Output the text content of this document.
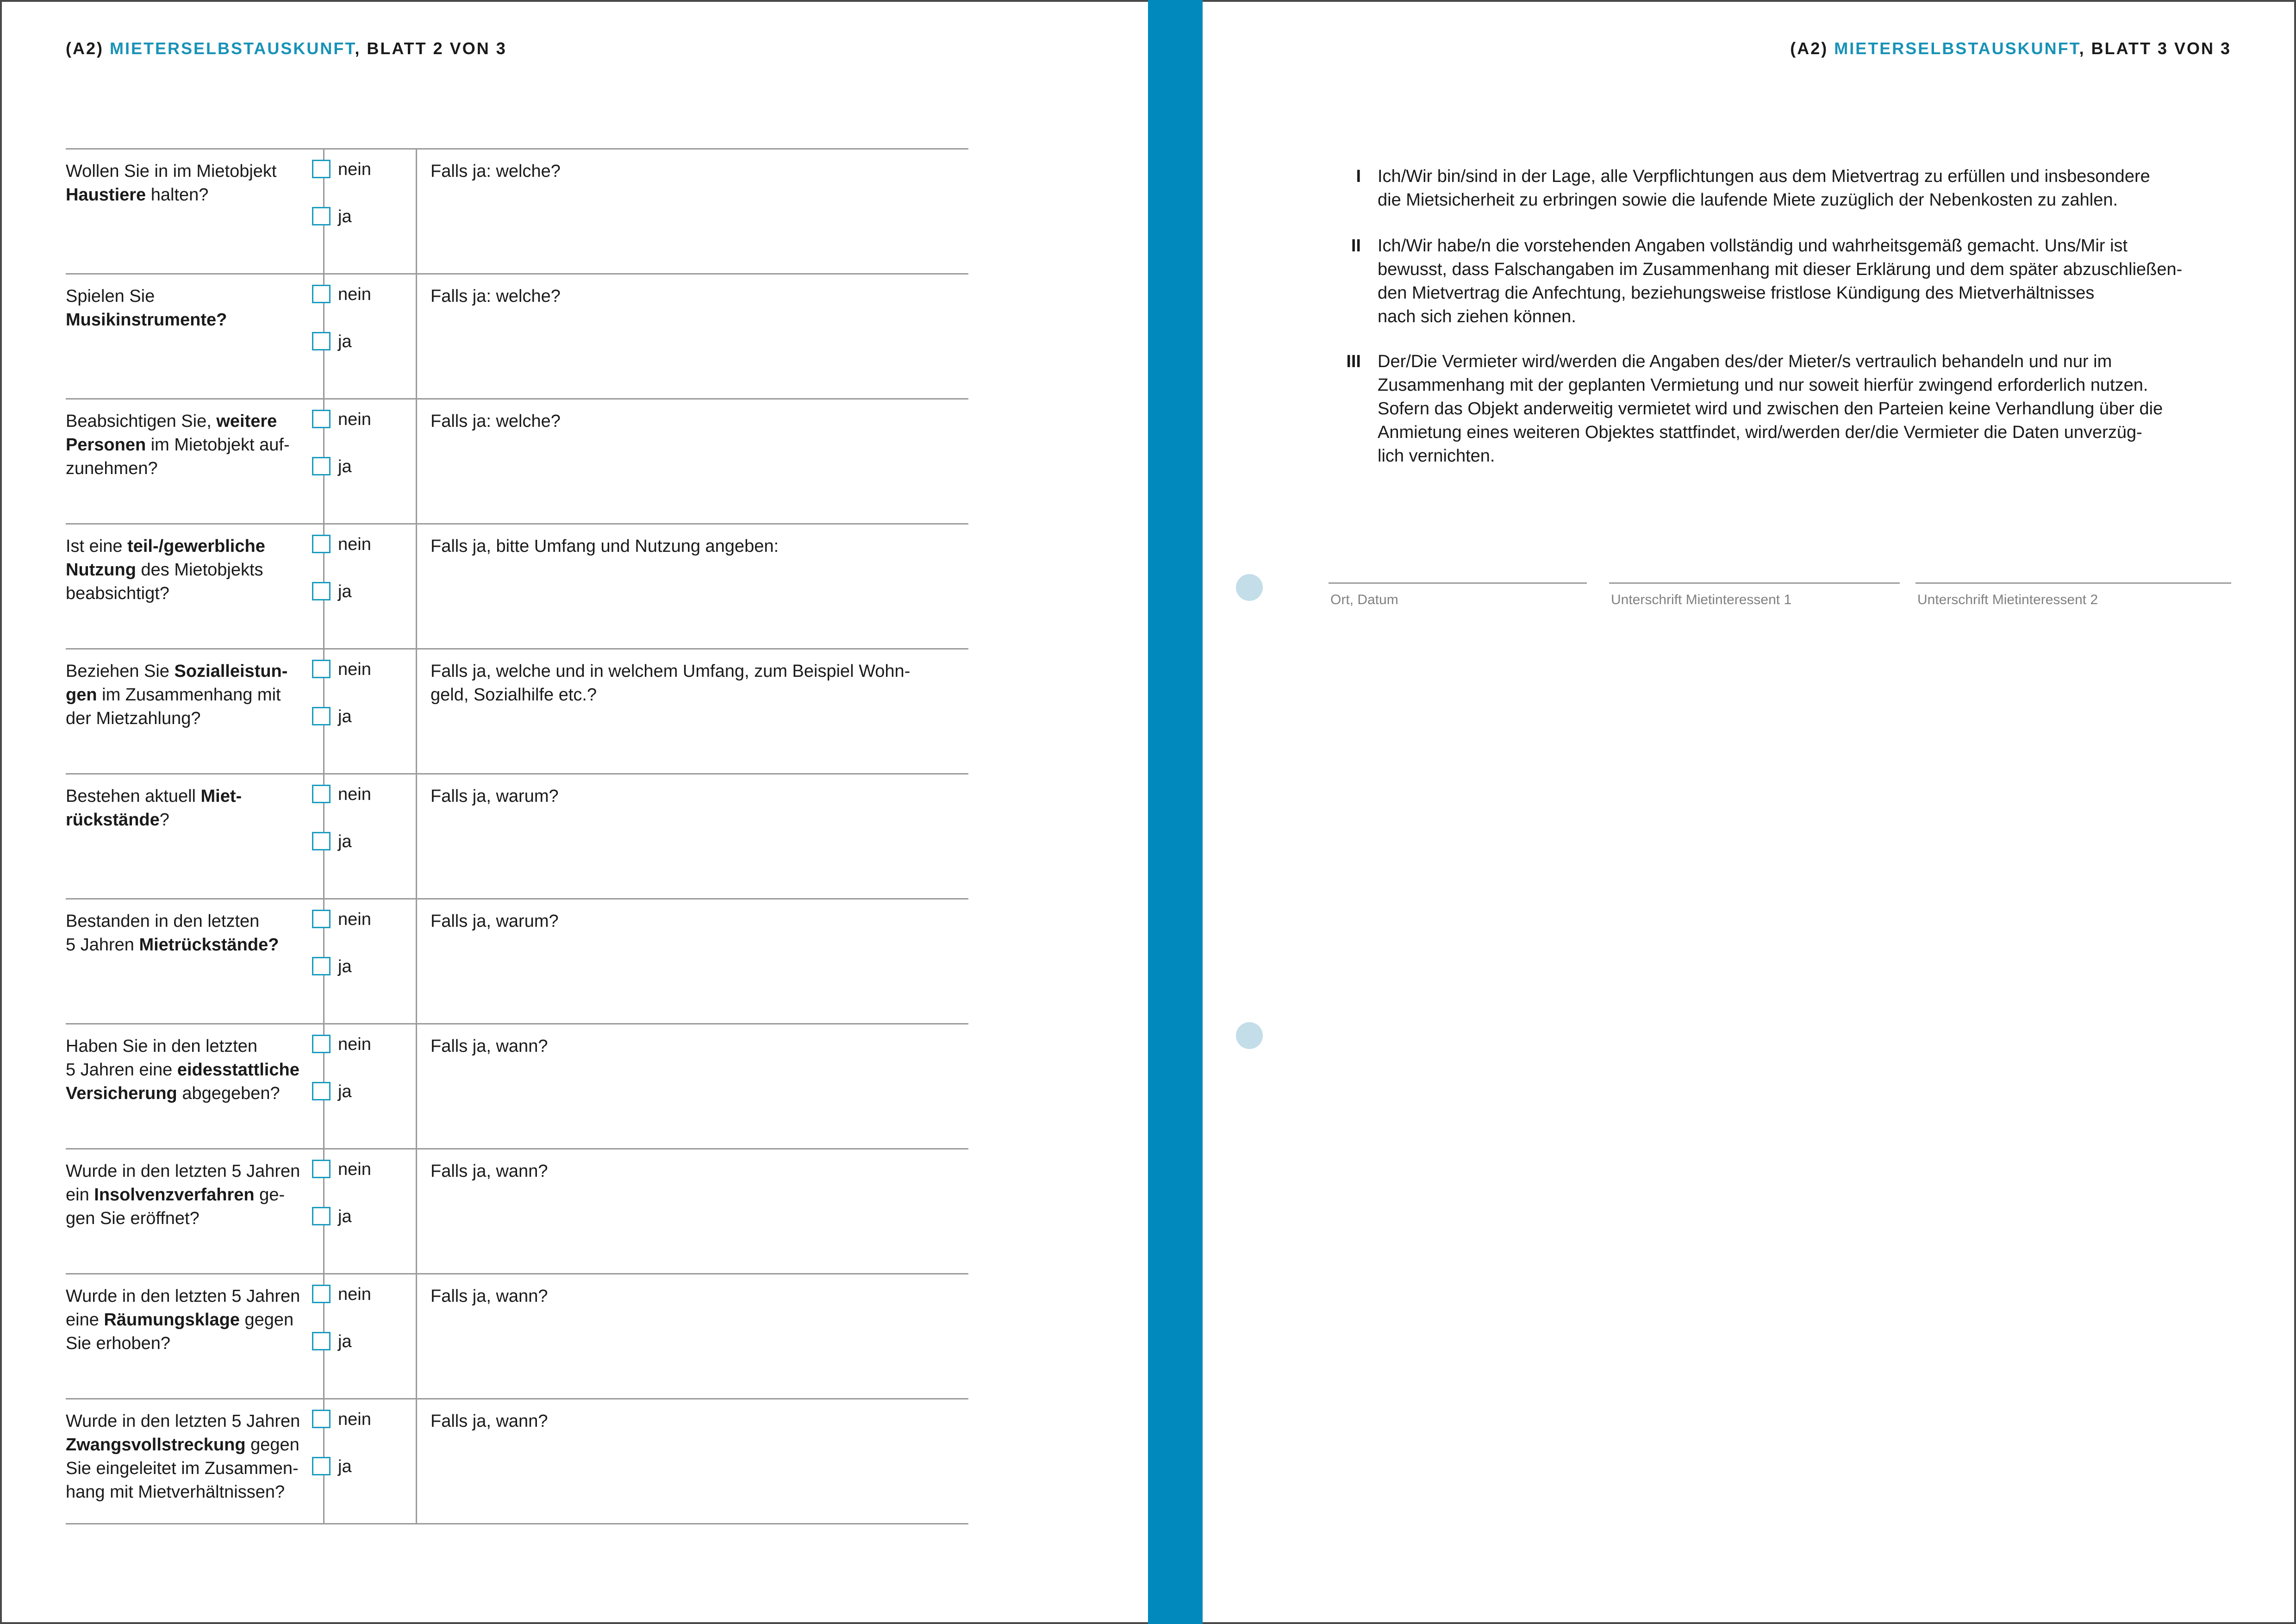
(A2) MIETERSELBSTAUSKUNFT, BLATT 2 VON 3	(A2) MIETERSELBSTAUSKUNFT, BLATT 3 VON 3
Wollen Sie in im Mietobjekt
Haustiere halten?
nein
ja
Falls ja: welche?
Spielen Sie
Musikinstrumente?
nein
ja
Falls ja: welche?
Beabsichtigen Sie, weitere
Personen im Mietobjekt auf-
zunehmen?
nein
ja
Falls ja: welche?
Ist eine teil-/gewerbliche
Nutzung des Mietobjekts
beabsichtigt?
nein
ja
Falls ja, bitte Umfang und Nutzung angeben:
Beziehen Sie Sozialleistun-
gen im Zusammenhang mit
der Mietzahlung?
nein
ja
Falls ja, welche und in welchem Umfang, zum Beispiel Wohn-
geld, Sozialhilfe etc.?
Bestehen aktuell Miet-
rückstände?
nein
ja
Falls ja, warum?
Bestanden in den letzten
5 Jahren Mietrückstände?
nein
ja
Falls ja, warum?
Haben Sie in den letzten
5 Jahren eine eidesstattliche
Versicherung abgegeben?
nein
ja
Falls ja, wann?
Wurde in den letzten 5 Jahren
ein Insolvenzverfahren ge-
gen Sie eröffnet?
nein
ja
Falls ja, wann?
Wurde in den letzten 5 Jahren
eine Räumungsklage gegen
Sie erhoben?
nein
ja
Falls ja, wann?
Wurde in den letzten 5 Jahren
Zwangsvollstreckung gegen
Sie eingeleitet im Zusammen-
hang mit Mietverhältnissen?
nein
ja
Falls ja, wann?
I Ich/Wir bin/sind in der Lage, alle Verpflichtungen aus dem Mietvertrag zu erfüllen und insbesondere
die Mietsicherheit zu erbringen sowie die laufende Miete zuzüglich der Nebenkosten zu zahlen.
II Ich/Wir habe/n die vorstehenden Angaben vollständig und wahrheitsgemäß gemacht. Uns/Mir ist
bewusst, dass Falschangaben im Zusammenhang mit dieser Erklärung und dem später abzuschließen-
den Mietvertrag die Anfechtung, beziehungsweise fristlose Kündigung des Mietverhältnisses
nach sich ziehen können.
III Der/Die Vermieter wird/werden die Angaben des/der Mieter/s vertraulich behandeln und nur im
Zusammenhang mit der geplanten Vermietung und nur soweit hierfür zwingend erforderlich nutzen.
Sofern das Objekt anderweitig vermietet wird und zwischen den Parteien keine Verhandlung über die
Anmietung eines weiteren Objektes stattfindet, wird/werden der/die Vermieter die Daten unverzüg-
lich vernichten.
Ort, Datum	Unterschrift Mietinteressent 1	Unterschrift Mietinteressent 2
